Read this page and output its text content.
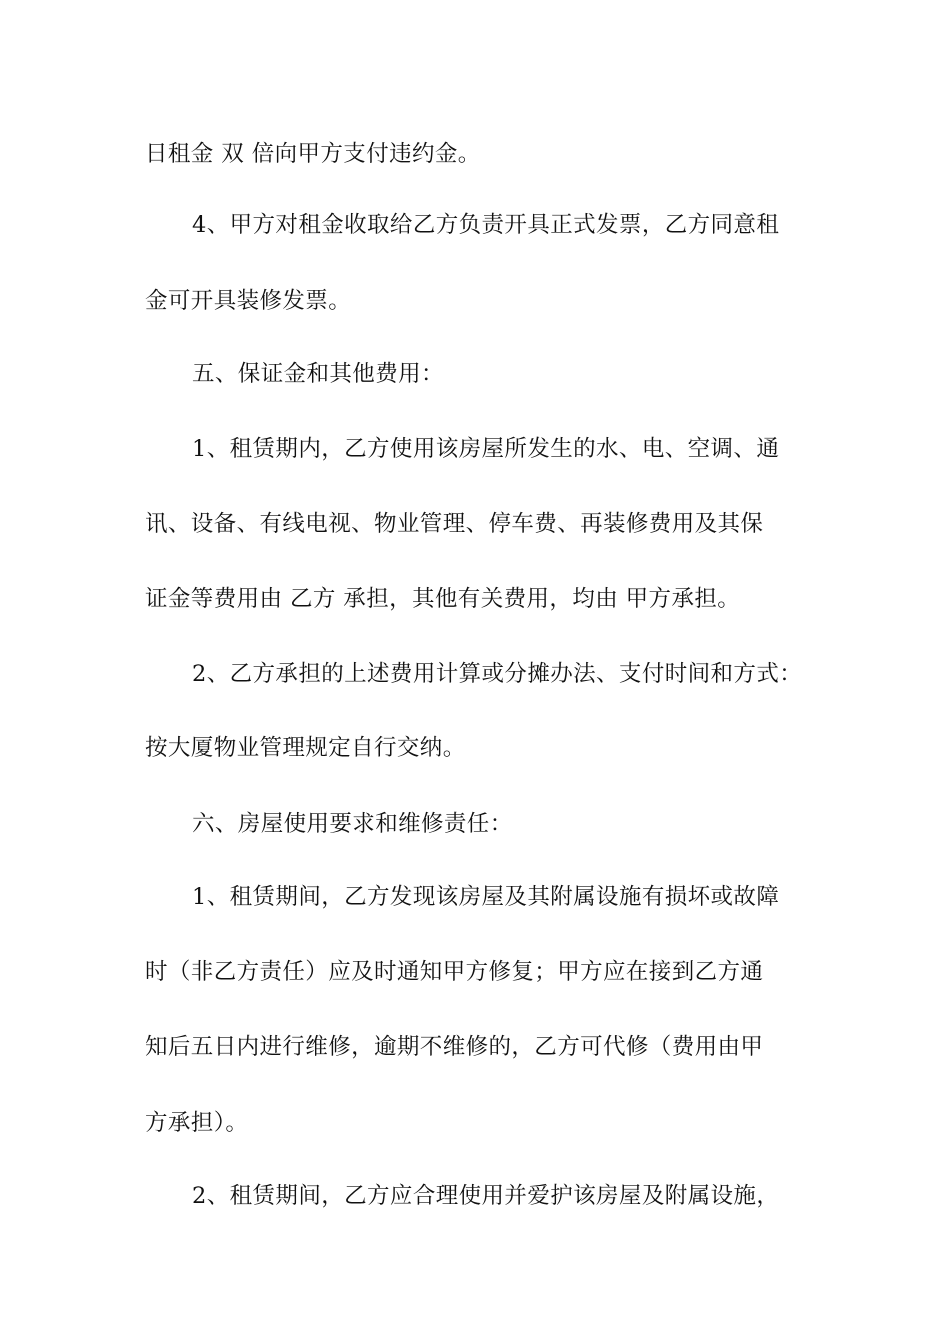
日租金 双 倍向甲方支付违约金。
4、甲方对租金收取给乙方负责开具正式发票，乙方同意租
金可开具装修发票。
五、保证金和其他费用：
1、租赁期内，乙方使用该房屋所发生的水、电、空调、通
讯、设备、有线电视、物业管理、停车费、再装修费用及其保
证金等费用由 乙方 承担，其他有关费用，均由 甲方承担。
2、乙方承担的上述费用计算或分摊办法、支付时间和方式：
按大厦物业管理规定自行交纳。
六、房屋使用要求和维修责任：
1、租赁期间，乙方发现该房屋及其附属设施有损坏或故障
时（非乙方责任）应及时通知甲方修复；甲方应在接到乙方通
知后五日内进行维修，逾期不维修的，乙方可代修（费用由甲
方承担）。
2、租赁期间，乙方应合理使用并爱护该房屋及附属设施，
